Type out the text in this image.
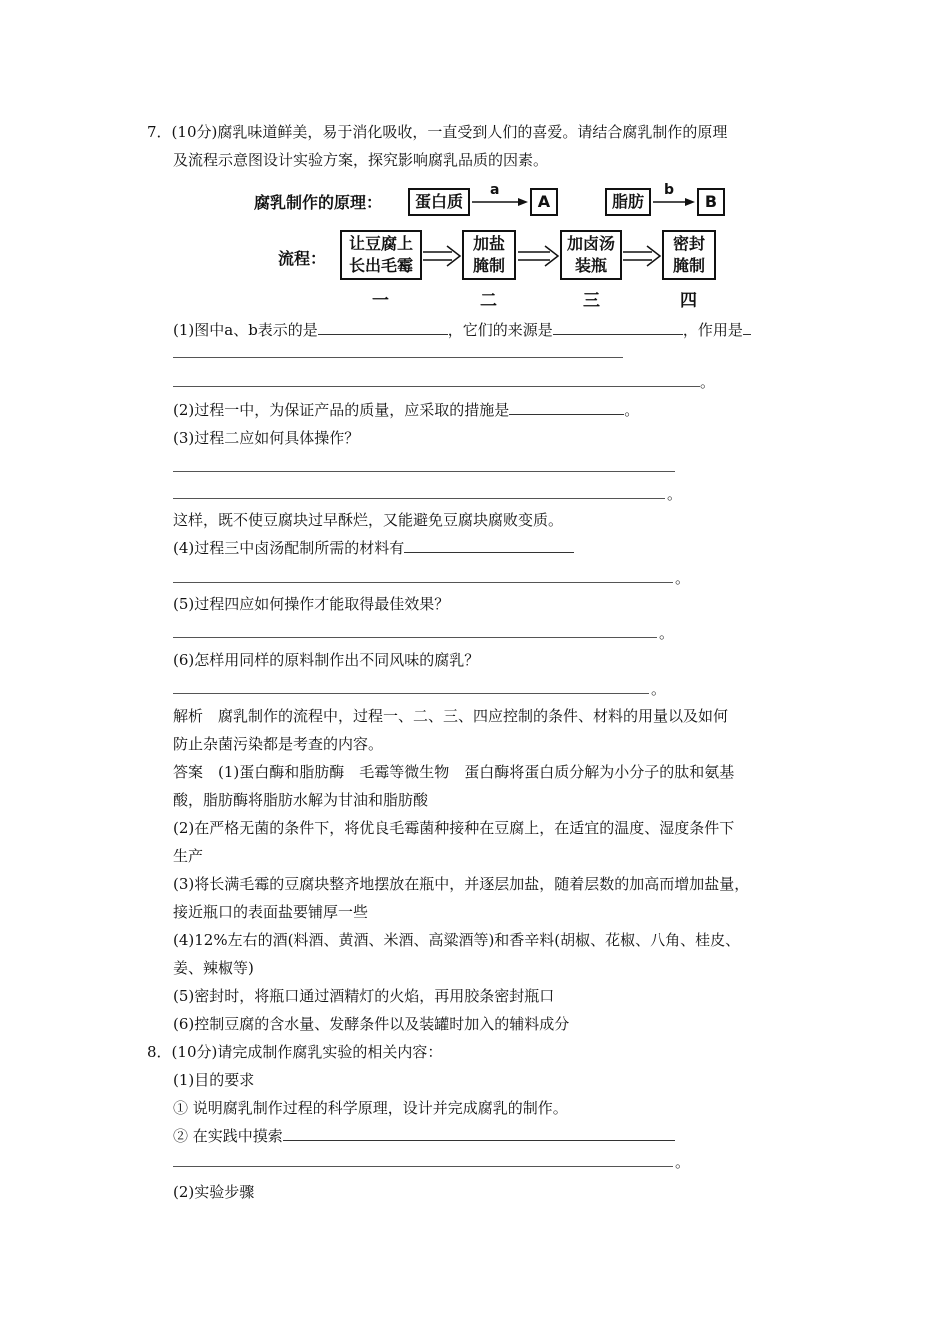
7．(10分)腐乳味道鲜美，易于消化吸收，一直受到人们的喜爱。请结合腐乳制作的原理
及流程示意图设计实验方案，探究影响腐乳品质的因素。
腐乳制作的原理：	蛋白质
a
A	脂肪
b
B
流程：
让豆腐上
长出毛霉
加盐
腌制
加卤汤
装瓶
密封
腌制
一	二	三	四
(1)图中a、b表示的是	，它们的来源是	，作用是
。
(2)过程一中，为保证产品的质量，应采取的措施是	。
(3)过程二应如何具体操作？
。
这样，既不使豆腐块过早酥烂，又能避免豆腐块腐败变质。
(4)过程三中卤汤配制所需的材料有
。
(5)过程四应如何操作才能取得最佳效果？
。
(6)怎样用同样的原料制作出不同风味的腐乳？
。
解析　腐乳制作的流程中，过程一、二、三、四应控制的条件、材料的用量以及如何
防止杂菌污染都是考查的内容。
答案　(1)蛋白酶和脂肪酶　毛霉等微生物　蛋白酶将蛋白质分解为小分子的肽和氨基
酸，脂肪酶将脂肪水解为甘油和脂肪酸
(2)在严格无菌的条件下，将优良毛霉菌种接种在豆腐上，在适宜的温度、湿度条件下
生产
(3)将长满毛霉的豆腐块整齐地摆放在瓶中，并逐层加盐，随着层数的加高而增加盐量，
接近瓶口的表面盐要铺厚一些
(4)12%左右的酒(料酒、黄酒、米酒、高粱酒等)和香辛料(胡椒、花椒、八角、桂皮、
姜、辣椒等)
(5)密封时，将瓶口通过酒精灯的火焰，再用胶条密封瓶口
(6)控制豆腐的含水量、发酵条件以及装罐时加入的辅料成分
8．(10分)请完成制作腐乳实验的相关内容：
(1)目的要求
① 说明腐乳制作过程的科学原理，设计并完成腐乳的制作。
② 在实践中摸索
。
(2)实验步骤
